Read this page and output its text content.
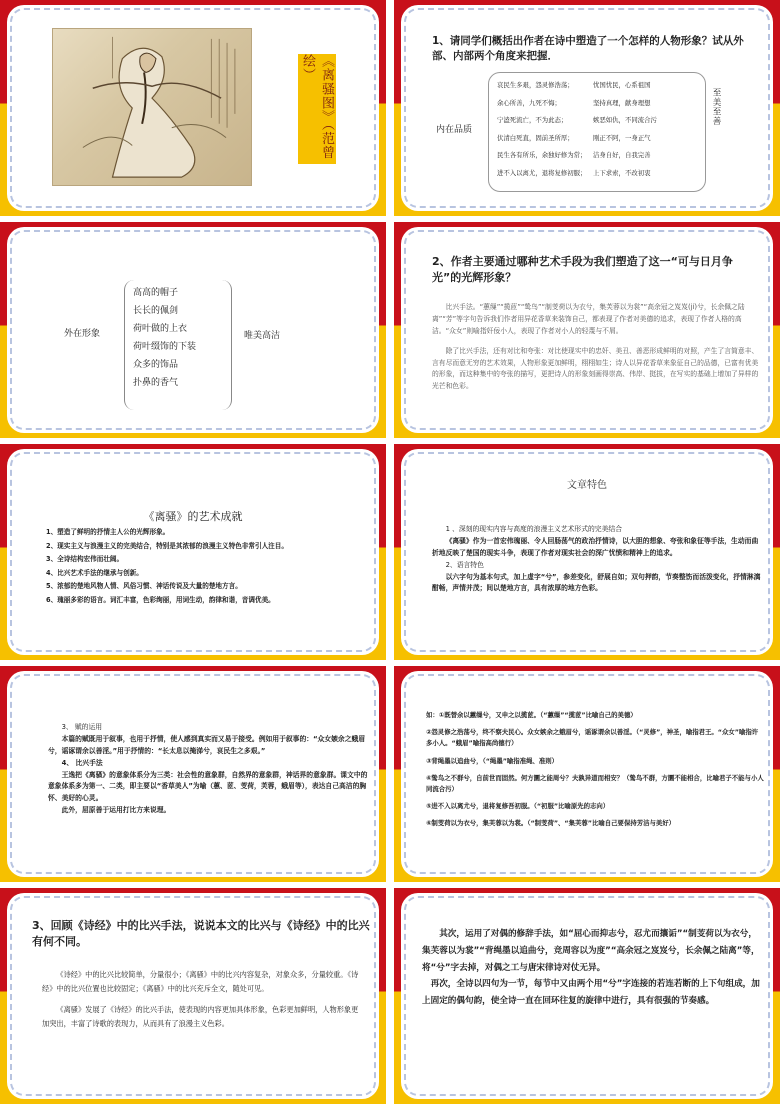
《离骚图》（范曾绘）
1、请同学们概括出作者在诗中塑造了一个怎样的人物形象？试从外部、内部两个角度来把握．
内在品质
哀民生多艰，怨灵修浩荡；	忧国忧民，心系祖国
余心所善，九死不悔；	坚持真理，献身理想
宁溘死流亡，不为此态；	嫉恶如仇，不同流合污
伏清白死直，固前圣所厚；	刚正不阿，一身正气
民生各有所乐，余独好修为常；	洁身自好，自我完善
进不入以离尤，退将复修初服；	上下求索，不改初衷
至美至善
外在形象
高高的帽子
长长的佩剑
荷叶做的上衣
荷叶缀饰的下装
众多的饰品
扑鼻的香气
唯美高洁
2、作者主要通过哪种艺术手段为我们塑造了这一“可与日月争光”的光辉形象？

比兴手法。“蕙缫”“揽茝”“鸷鸟”“制芰荷以为衣兮，集芙蓉以为裳”“高余冠之岌岌(jí)兮，长余佩之陆离”“芳”等字句告诉我们作者用异花香草来装饰自己，都表现了作者对美德的追求，表现了作者人格的高洁。“众女”则喻指奸佞小人，表现了作者对小人的轻蔑与不屑。

除了比兴手法，还有对比和夸张：对比使现实中的忠奸、美丑、善恶形成鲜明的对照，产生了言简意丰、言有尽而意无穷的艺术效果，人物形象更加鲜明，栩栩如生；诗人以异花香草来象征自己的品德，已富有优美的形象，而这种集中的夸张的描写，更把诗人的形象刻画得崇高、伟岸、挺拔，在写实的基础上增加了异样的光芒和色彩。

《离骚》的艺术成就
1、塑造了鲜明的抒情主人公的光辉形象。
2、现实主义与浪漫主义的完美结合，特别是其浓郁的浪漫主义特色非常引人注目。
3、全诗结构宏伟而壮阔。
4、比兴艺术手法的继承与创新。
5、浓郁的楚地风物人情、风俗习惯、神话传说及大量的楚地方言。
6、瑰丽多彩的语言。词汇丰富，色彩绚丽，用词生动，韵律和谐，音调优美。
文章特色

1 、深刻的现实内容与高度的浪漫主义艺术形式的完美结合

《离骚》作为一首宏伟瑰丽、令人回肠荡气的政治抒情诗，以大胆的想象、夸张和象征等手法，生动而曲折地反映了楚国的现实斗争，表现了作者对现实社会的深广忧愤和精神上的追求。

2、语言特色

以六字句为基本句式，加上虚字“兮”，参差变化，舒展自如；双句押韵，节奏整饬而活泼变化，抒情淋漓酣畅，声情并茂；间以楚地方言，具有浓厚的地方色彩。

3、 赋的运用

本篇的赋既用于叙事，也用于抒情，使人感到真实而又易于接受。例如用于叙事的：“众女嫉余之蛾眉兮，谣诼谓余以善淫。”用于抒情的：“长太息以掩涕兮，哀民生之多艰。”

4、 比兴手法

王逸把《离骚》的意象体系分为三类：社会性的意象群，自然界的意象群，神话界的意象群。课文中的意象体系多为第一、二类，即主要以“香草美人”为喻（蕙、茝、芰荷，芙蓉，蛾眉等），表达自己高洁的胸怀、美好的心灵。

此外，屈原善于运用打比方来说理。

如：①既替余以蕙缫兮，又申之以揽茝。（“蕙缫”“揽茝”比喻自己的美德）

②怨灵修之浩荡兮，终不察夫民心。众女嫉余之蛾眉兮，谣诼谓余以善淫。（“灵修”，神圣，喻指君王。“众女”喻指许多小人。“蛾眉”喻指高尚德行）

③背绳墨以追曲兮，（“绳墨”喻指准绳、准则）

④鸷鸟之不群兮，自前世而固然。何方圜之能周兮？夫孰异道而相安？（鸷鸟不群，方圜不能相合，比喻君子不能与小人同流合污）

⑤进不入以离尤兮，退将复修吾初服。（“初服”比喻原先的志向）

⑥制芰荷以为衣兮，集芙蓉以为裳。（“制芰荷”、“集芙蓉”比喻自己要保持芳洁与美好）

3、回顾《诗经》中的比兴手法，说说本文的比兴与《诗经》中的比兴有何不同。

《诗经》中的比兴比较简单，分量很小；《离骚》中的比兴内容复杂，对象众多，分量较重。《诗经》中的比兴位置也比较固定；《离骚》中的比兴充斥全文，随处可见。

《离骚》发展了《诗经》的比兴手法，使表现的内容更加具体形象，色彩更加鲜明，人物形象更加突出，丰富了诗歌的表现力，从而具有了浪漫主义色彩。

其次，运用了对偶的修辞手法，如“屈心而抑志兮，忍尤而攘诟”“制芰荷以为衣兮，集芙蓉以为裳”“背绳墨以追曲兮，竞周容以为度”“高余冠之岌岌兮，长余佩之陆离”等，将“兮”字去掉，对偶之工与唐宋律诗对仗无异。

再次，全诗以四句为一节，每节中又由两个用“兮”字连接的若连若断的上下句组成，加上固定的偶句韵，使全诗一直在回环往复的旋律中进行，具有很强的节奏感。
